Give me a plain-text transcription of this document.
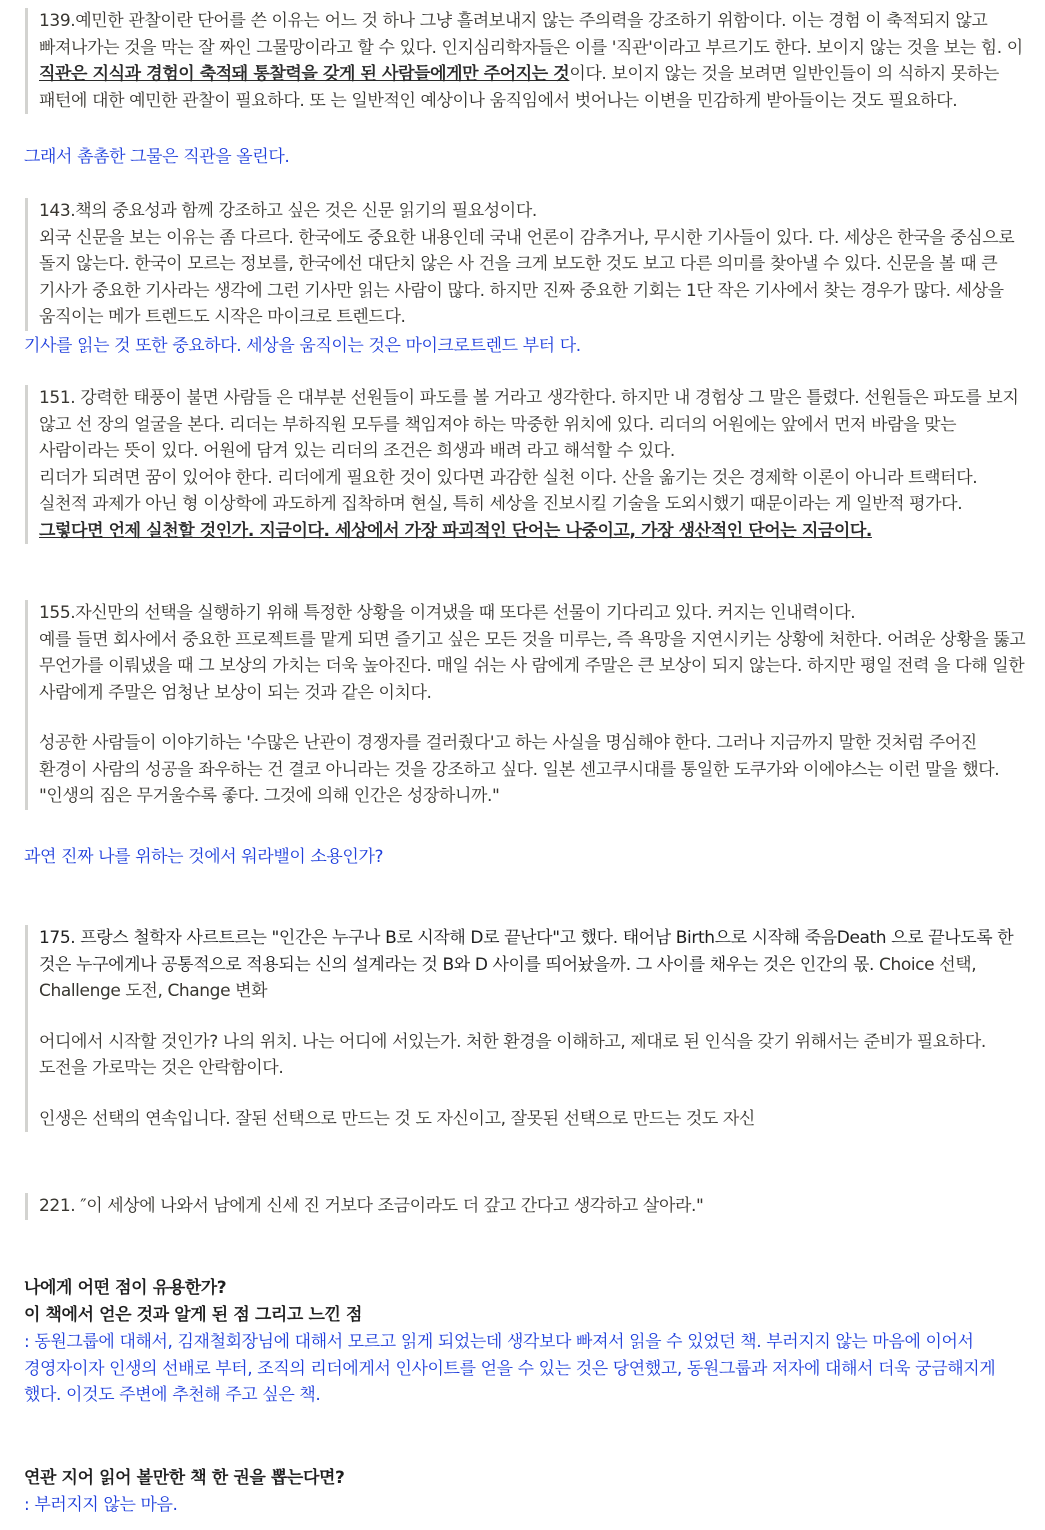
139.예민한 관찰이란 단어를 쓴 이유는 어느 것 하나 그냥 흘려보내지 않는 주의력을 강조하기 위함이다. 이는 경험 이 축적되지 않고 빠져나가는 것을 막는 잘 짜인 그물망이라고 할 수 있다. 인지심리학자들은 이를 '직관'이라고 부르기도 한다. 보이지 않는 것을 보는 힘. 이 직관은 지식과 경험이 축적돼 통찰력을 갖게 된 사람들에게만 주어지는 것이다. 보이지 않는 것을 보려면 일반인들이 의 식하지 못하는 패턴에 대한 예민한 관찰이 필요하다. 또 는 일반적인 예상이나 움직임에서 벗어나는 이변을 민감하게 받아들이는 것도 필요하다.

그래서 촘촘한 그물은 직관을 올린다.

143.책의 중요성과 함께 강조하고 싶은 것은 신문 읽기의 필요성이다.

외국 신문을 보는 이유는 좀 다르다. 한국에도 중요한 내용인데 국내 언론이 감추거나, 무시한 기사들이 있다. 다. 세상은 한국을 중심으로 돌지 않는다. 한국이 모르는 정보를, 한국에선 대단치 않은 사 건을 크게 보도한 것도 보고 다른 의미를 찾아낼 수 있다. 신문을 볼 때 큰 기사가 중요한 기사라는 생각에 그런 기사만 읽는 사람이 많다. 하지만 진짜 중요한 기회는 1단 작은 기사에서 찾는 경우가 많다. 세상을 움직이는 메가 트렌드도 시작은 마이크로 트렌드다.

기사를 읽는 것 또한 중요하다. 세상을 움직이는 것은 마이크로트렌드 부터 다.

151. 강력한 태풍이 불면 사람들 은 대부분 선원들이 파도를 볼 거라고 생각한다. 하지만 내 경험상 그 말은 틀렸다. 선원들은 파도를 보지 않고 선 장의 얼굴을 본다. 리더는 부하직원 모두를 책임져야 하는 막중한 위치에 있다. 리더의 어원에는 앞에서 먼저 바람을 맞는 사람이라는 뜻이 있다. 어원에 담겨 있는 리더의 조건은 희생과 배려 라고 해석할 수 있다.

리더가 되려면 꿈이 있어야 한다. 리더에게 필요한 것이 있다면 과감한 실천 이다. 산을 옮기는 것은 경제학 이론이 아니라 트랙터다. 실천적 과제가 아닌 형 이상학에 과도하게 집착하며 현실, 특히 세상을 진보시킬 기술을 도외시했기 때문이라는 게 일반적 평가다. 그렇다면 언제 실천할 것인가. 지금이다. 세상에서 가장 파괴적인 단어는 나중이고, 가장 생산적인 단어는 지금이다.

155.자신만의 선택을 실행하기 위해 특정한 상황을 이겨냈을 때 또다른 선물이 기다리고 있다. 커지는 인내력이다.

예를 들면 회사에서 중요한 프로젝트를 맡게 되면 즐기고 싶은 모든 것을 미루는, 즉 욕망을 지연시키는 상황에 처한다. 어려운 상황을 뚫고 무언가를 이뤄냈을 때 그 보상의 가치는 더욱 높아진다. 매일 쉬는 사 람에게 주말은 큰 보상이 되지 않는다. 하지만 평일 전력 을 다해 일한 사람에게 주말은 엄청난 보상이 되는 것과 같은 이치다.

성공한 사람들이 이야기하는 '수많은 난관이 경쟁자를 걸러줬다'고 하는 사실을 명심해야 한다. 그러나 지금까지 말한 것처럼 주어진 환경이 사람의 성공을 좌우하는 건 결코 아니라는 것을 강조하고 싶다. 일본 센고쿠시대를 통일한 도쿠가와 이에야스는 이런 말을 했다. "인생의 짐은 무거울수록 좋다. 그것에 의해 인간은 성장하니까."

과연 진짜 나를 위하는 것에서 워라밸이 소용인가?

175. 프랑스 철학자 사르트르는 "인간은 누구나 B로 시작해 D로 끝난다"고 했다. 태어남 Birth으로 시작해 죽음Death 으로 끝나도록 한 것은 누구에게나 공통적으로 적용되는 신의 설계라는 것 B와 D 사이를 띄어놨을까. 그 사이를 채우는 것은 인간의 몫. Choice 선택, Challenge 도전, Change 변화

어디에서 시작할 것인가? 나의 위치. 나는 어디에 서있는가. 처한 환경을 이해하고, 제대로 된 인식을 갖기 위해서는 준비가 필요하다. 도전을 가로막는 것은 안락함이다.

인생은 선택의 연속입니다. 잘된 선택으로 만드는 것 도 자신이고, 잘못된 선택으로 만드는 것도 자신

221. ″이 세상에 나와서 남에게 신세 진 거보다 조금이라도 더 갚고 간다고 생각하고 살아라."

나에게 어떤 점이 유용한가?

이 책에서 얻은 것과 알게 된 점 그리고 느낀 점

: 동원그룹에 대해서, 김재철회장님에 대해서 모르고 읽게 되었는데 생각보다 빠져서 읽을 수 있었던 책. 부러지지 않는 마음에 이어서 경영자이자 인생의 선배로 부터, 조직의 리더에게서 인사이트를 얻을 수 있는 것은 당연했고, 동원그룹과 저자에 대해서 더욱 궁금해지게 했다. 이것도 주변에 추천해 주고 싶은 책.

연관 지어 읽어 볼만한 책 한 권을 뽑는다면?

: 부러지지 않는 마음.
